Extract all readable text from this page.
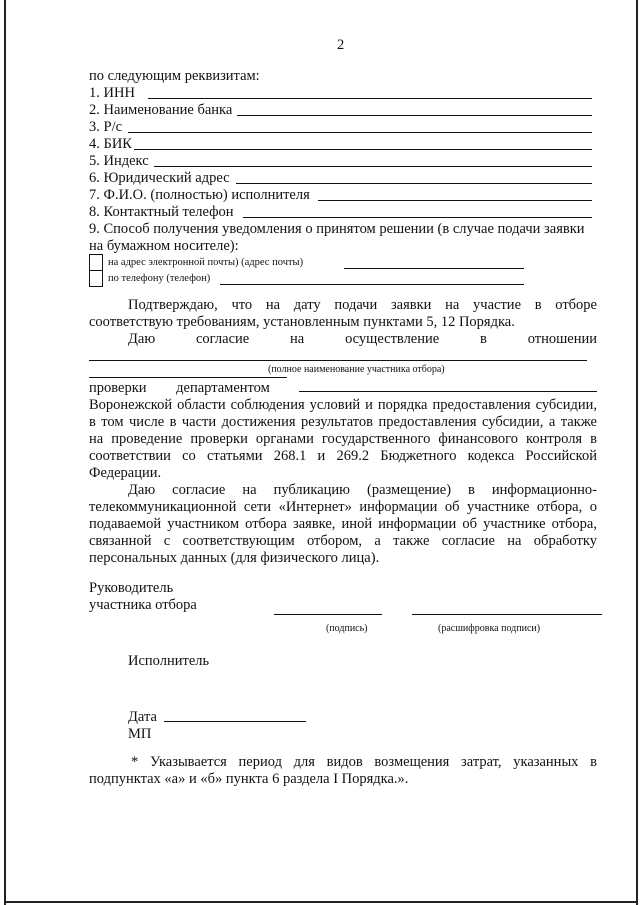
2
по следующим реквизитам:
1. ИНН
2. Наименование банка
3. Р/с
4. БИК
5. Индекс
6. Юридический адрес
7. Ф.И.О. (полностью) исполнителя
8. Контактный телефон
9. Способ получения уведомления о принятом решении (в случае подачи заявки
на бумажном носителе):
на адрес электронной почты) (адрес почты)
по телефону (телефон)
Подтверждаю, что на дату подачи заявки на участие в отборе
соответствую требованиям, установленным пунктами 5, 12 Порядка.
Даю согласие на осуществление в отношении
(полное наименование участника отбора)
проверки департаментом
Воронежской области соблюдения условий и порядка предоставления субсидии,
в том числе в части достижения результатов предоставления субсидии, а также
на проведение проверки органами государственного финансового контроля в
соответствии со статьями 268.1 и 269.2 Бюджетного кодекса Российской
Федерации.
Даю согласие на публикацию (размещение) в информационно-
телекоммуникационной сети «Интернет» информации об участнике отбора, о
подаваемой участником отбора заявке, иной информации об участнике отбора,
связанной с соответствующим отбором, а также согласие на обработку
персональных данных (для физического лица).
Руководитель
участника отбора
(подпись)	(расшифровка подписи)
Исполнитель
Дата
МП
* Указывается период для видов возмещения затрат, указанных в
подпунктах «а» и «б» пункта 6 раздела I Порядка.».
